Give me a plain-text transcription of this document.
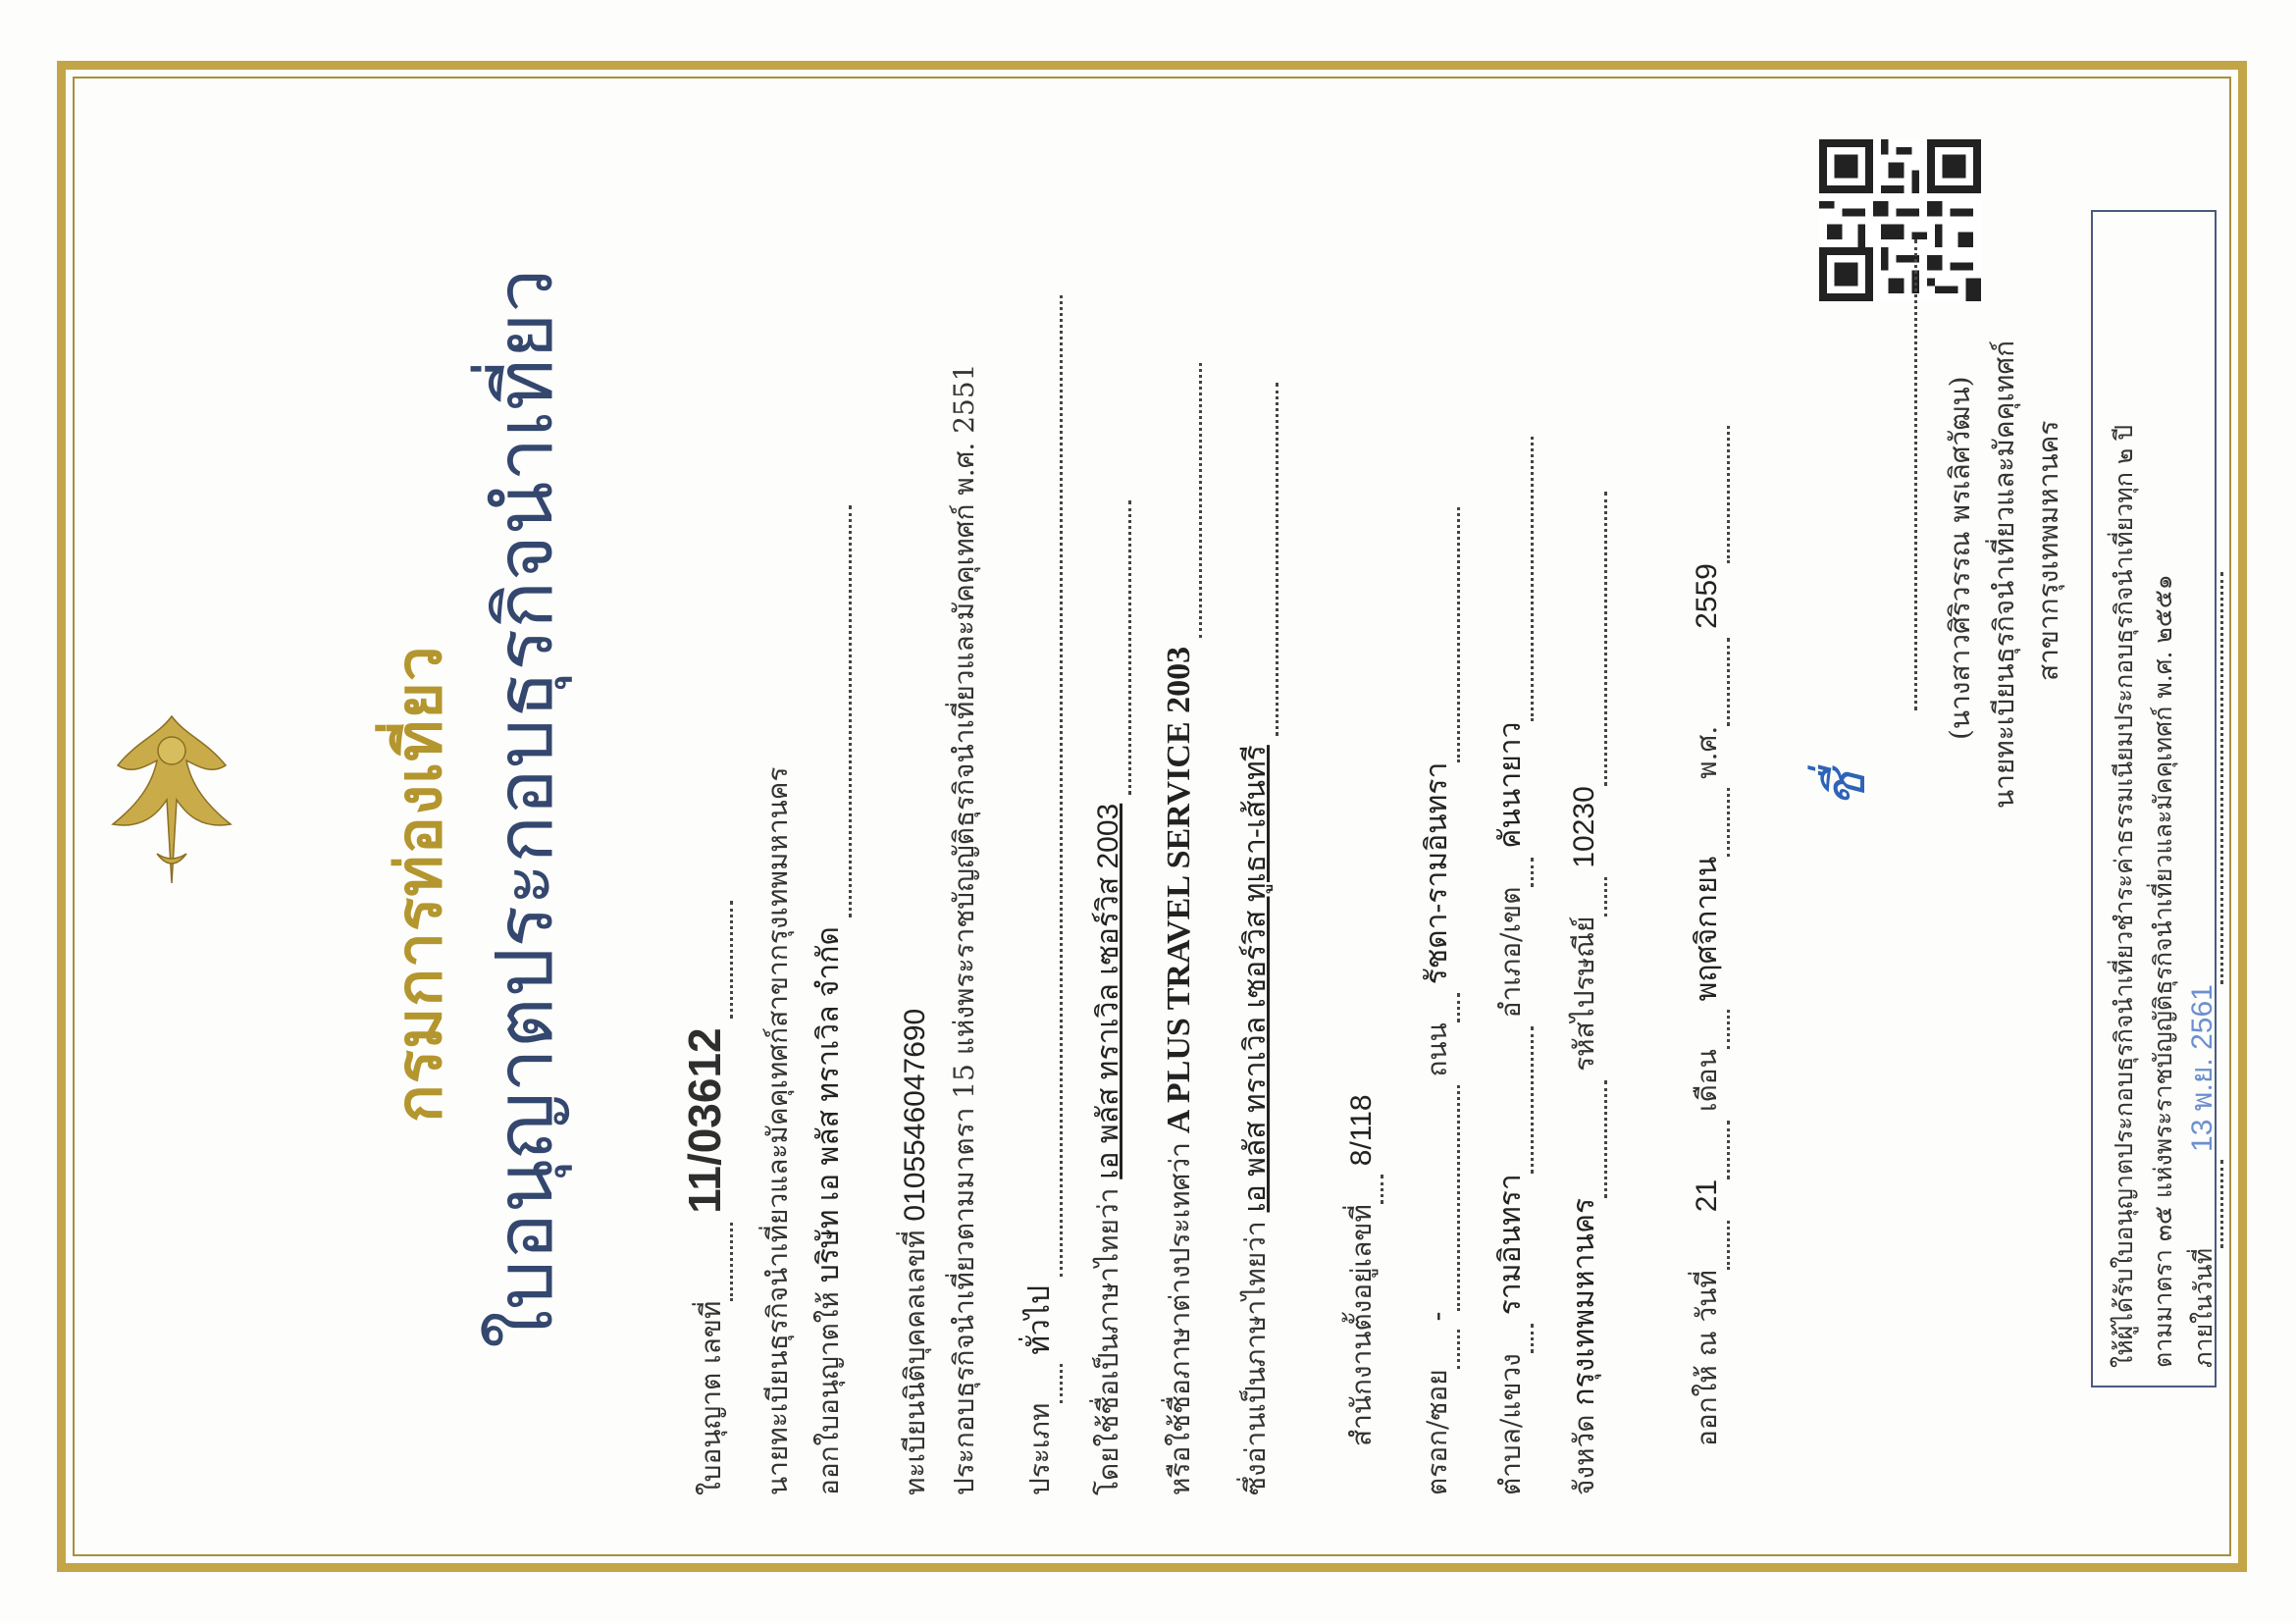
กรมการท่องเที่ยว ใบอนุญาตประกอบธุรกิจนำเที่ยว
ใบอนุญาต เลขที่ 11/03612 นายทะเบียนธุรกิจนำเที่ยวและมัคคุเทศก์สาขากรุงเทพมหานคร ออกใบอนุญาตให้ บริษัท เอ พลัส ทราเวิล จำกัด
ทะเบียนนิติบุคคลเลขที่ 0105546047690 ประกอบธุรกิจนำเที่ยวตามมาตรา 15 แห่งพระราชบัญญัติธุรกิจนำเที่ยวและมัคคุเทศก์ พ.ศ. 2551 ประเภท ทั่วไป โดยใช้ชื่อเป็นภาษาไทยว่า เอ พลัส ทราเวิล เซอร์วิส 2003
หรือใช้ชื่อภาษาต่างประเทศว่า A PLUS TRAVEL SERVICE 2003
ซึ่งอ่านเป็นภาษาไทยว่า เอ พลัส ทราเวิล เซอร์วิส ทูเธา-เส้นทรี
สำนักงานตั้งอยู่เลขที่ 8/118
ตรอก/ซอย - ถนน รัชดา-รามอินทรา
ตำบล/แขวง รามอินทรา อำเภอ/เขต คันนายาว
จังหวัด กรุงเทพมหานคร รหัสไปรษณีย์ 10230
ออกให้ ณ วันที่ 21 เดือน พฤศจิกายน พ.ศ. 2559
ชื่
(นางสาวศิริวรรณ พรเลิศวัฒน) นายทะเบียนธุรกิจนำเที่ยวและมัคคุเทศก์ สาขากรุงเทพมหานคร ให้ผู้ได้รับใบอนุญาตประกอบธุรกิจนำเที่ยวชำระค่าธรรมเนียมประกอบธุรกิจนำเที่ยวทุก ๒ ปี ตามมาตรา ๓๕ แห่งพระราชบัญญัติธุรกิจนำเที่ยวและมัคคุเทศก์ พ.ศ. ๒๕๕๑ ภายในวันที่ 13 พ.ย. 2561
